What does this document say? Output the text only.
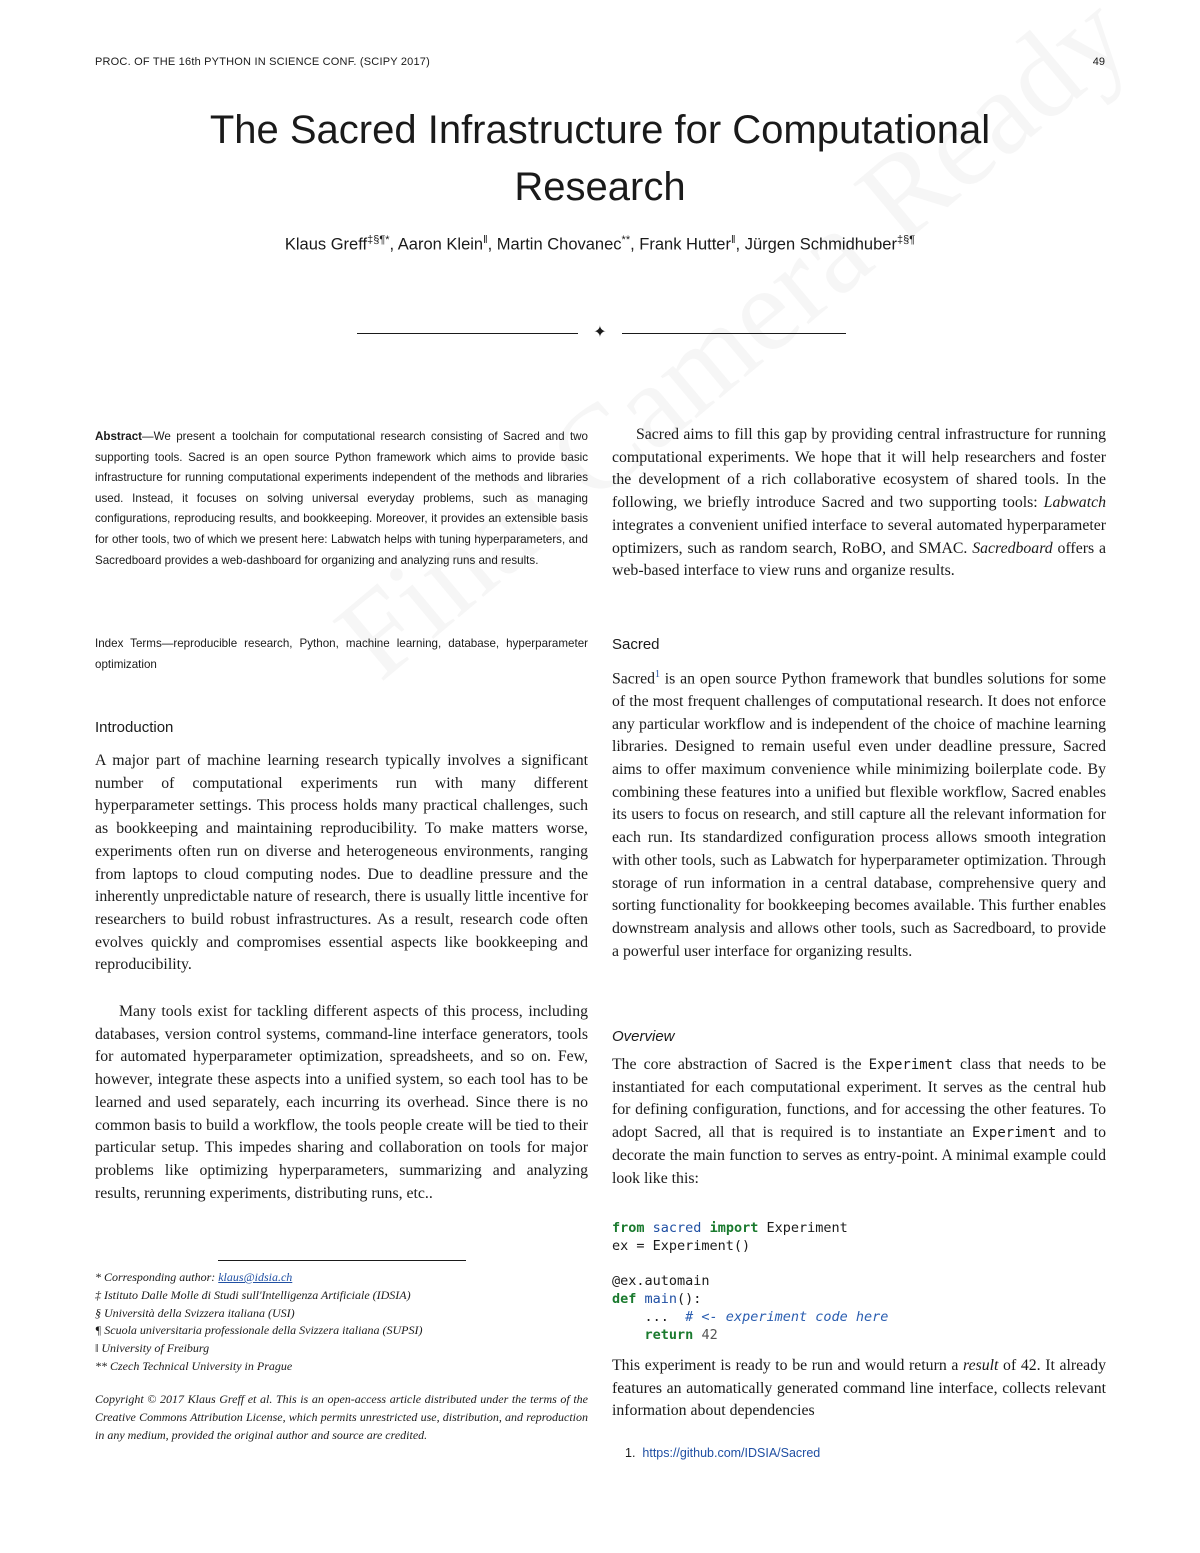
PROC. OF THE 16th PYTHON IN SCIENCE CONF. (SCIPY 2017)	49
The Sacred Infrastructure for Computational
Research
Klaus Greff‡§¶*, Aaron Klein‖, Martin Chovanec**, Frank Hutter‖, Jürgen Schmidhuber‡§¶
✦
Abstract—We present a toolchain for computational research consisting of Sacred and two supporting tools. Sacred is an open source Python framework which aims to provide basic infrastructure for running computational experiments independent of the methods and libraries used. Instead, it focuses on solving universal everyday problems, such as managing configurations, reproducing results, and bookkeeping. Moreover, it provides an extensible basis for other tools, two of which we present here: Labwatch helps with tuning hyperparameters, and Sacredboard provides a web-dashboard for organizing and analyzing runs and results.
Index Terms—reproducible research, Python, machine learning, database, hyperparameter optimization
Introduction

A major part of machine learning research typically involves a significant number of computational experiments run with many different hyperparameter settings. This process holds many practical challenges, such as bookkeeping and maintaining reproducibility. To make matters worse, experiments often run on diverse and heterogeneous environments, ranging from laptops to cloud computing nodes. Due to deadline pressure and the inherently unpredictable nature of research, there is usually little incentive for researchers to build robust infrastructures. As a result, research code often evolves quickly and compromises essential aspects like bookkeeping and reproducibility.

Many tools exist for tackling different aspects of this process, including databases, version control systems, command-line interface generators, tools for automated hyperparameter optimization, spreadsheets, and so on. Few, however, integrate these aspects into a unified system, so each tool has to be learned and used separately, each incurring its overhead. Since there is no common basis to build a workflow, the tools people create will be tied to their particular setup. This impedes sharing and collaboration on tools for major problems like optimizing hyperparameters, summarizing and analyzing results, rerunning experiments, distributing runs, etc..

* Corresponding author: klaus@idsia.ch
‡ Istituto Dalle Molle di Studi sull'Intelligenza Artificiale (IDSIA)
§ Università della Svizzera italiana (USI)
¶ Scuola universitaria professionale della Svizzera italiana (SUPSI)
‖ University of Freiburg
** Czech Technical University in Prague
Copyright © 2017 Klaus Greff et al. This is an open-access article distributed under the terms of the Creative Commons Attribution License, which permits unrestricted use, distribution, and reproduction in any medium, provided the original author and source are credited.

Sacred aims to fill this gap by providing central infrastructure for running computational experiments. We hope that it will help researchers and foster the development of a rich collaborative ecosystem of shared tools. In the following, we briefly introduce Sacred and two supporting tools: Labwatch integrates a convenient unified interface to several automated hyperparameter optimizers, such as random search, RoBO, and SMAC. Sacredboard offers a web-based interface to view runs and organize results.

Sacred

Sacred$^1$ is an open source Python framework that bundles solutions for some of the most frequent challenges of computational research. It does not enforce any particular workflow and is independent of the choice of machine learning libraries. Designed to remain useful even under deadline pressure, Sacred aims to offer maximum convenience while minimizing boilerplate code. By combining these features into a unified but flexible workflow, Sacred enables its users to focus on research, and still capture all the relevant information for each run. Its standardized configuration process allows smooth integration with other tools, such as Labwatch for hyperparameter optimization. Through storage of run information in a central database, comprehensive query and sorting functionality for bookkeeping becomes available. This further enables downstream analysis and allows other tools, such as Sacredboard, to provide a powerful user interface for organizing results.

Overview

The core abstraction of Sacred is the Experiment class that needs to be instantiated for each computational experiment. It serves as the central hub for defining configuration, functions, and for accessing the other features. To adopt Sacred, all that is required is to instantiate an Experiment and to decorate the main function to serves as entry-point. A minimal example could look like this:

from sacred import Experiment
ex = Experiment()

@ex.automain
def main():
... # <- experiment code here
return 42

This experiment is ready to be run and would return a result of 42. It already features an automatically generated command line interface, collects relevant information about dependencies

1. https://github.com/IDSIA/Sacred
